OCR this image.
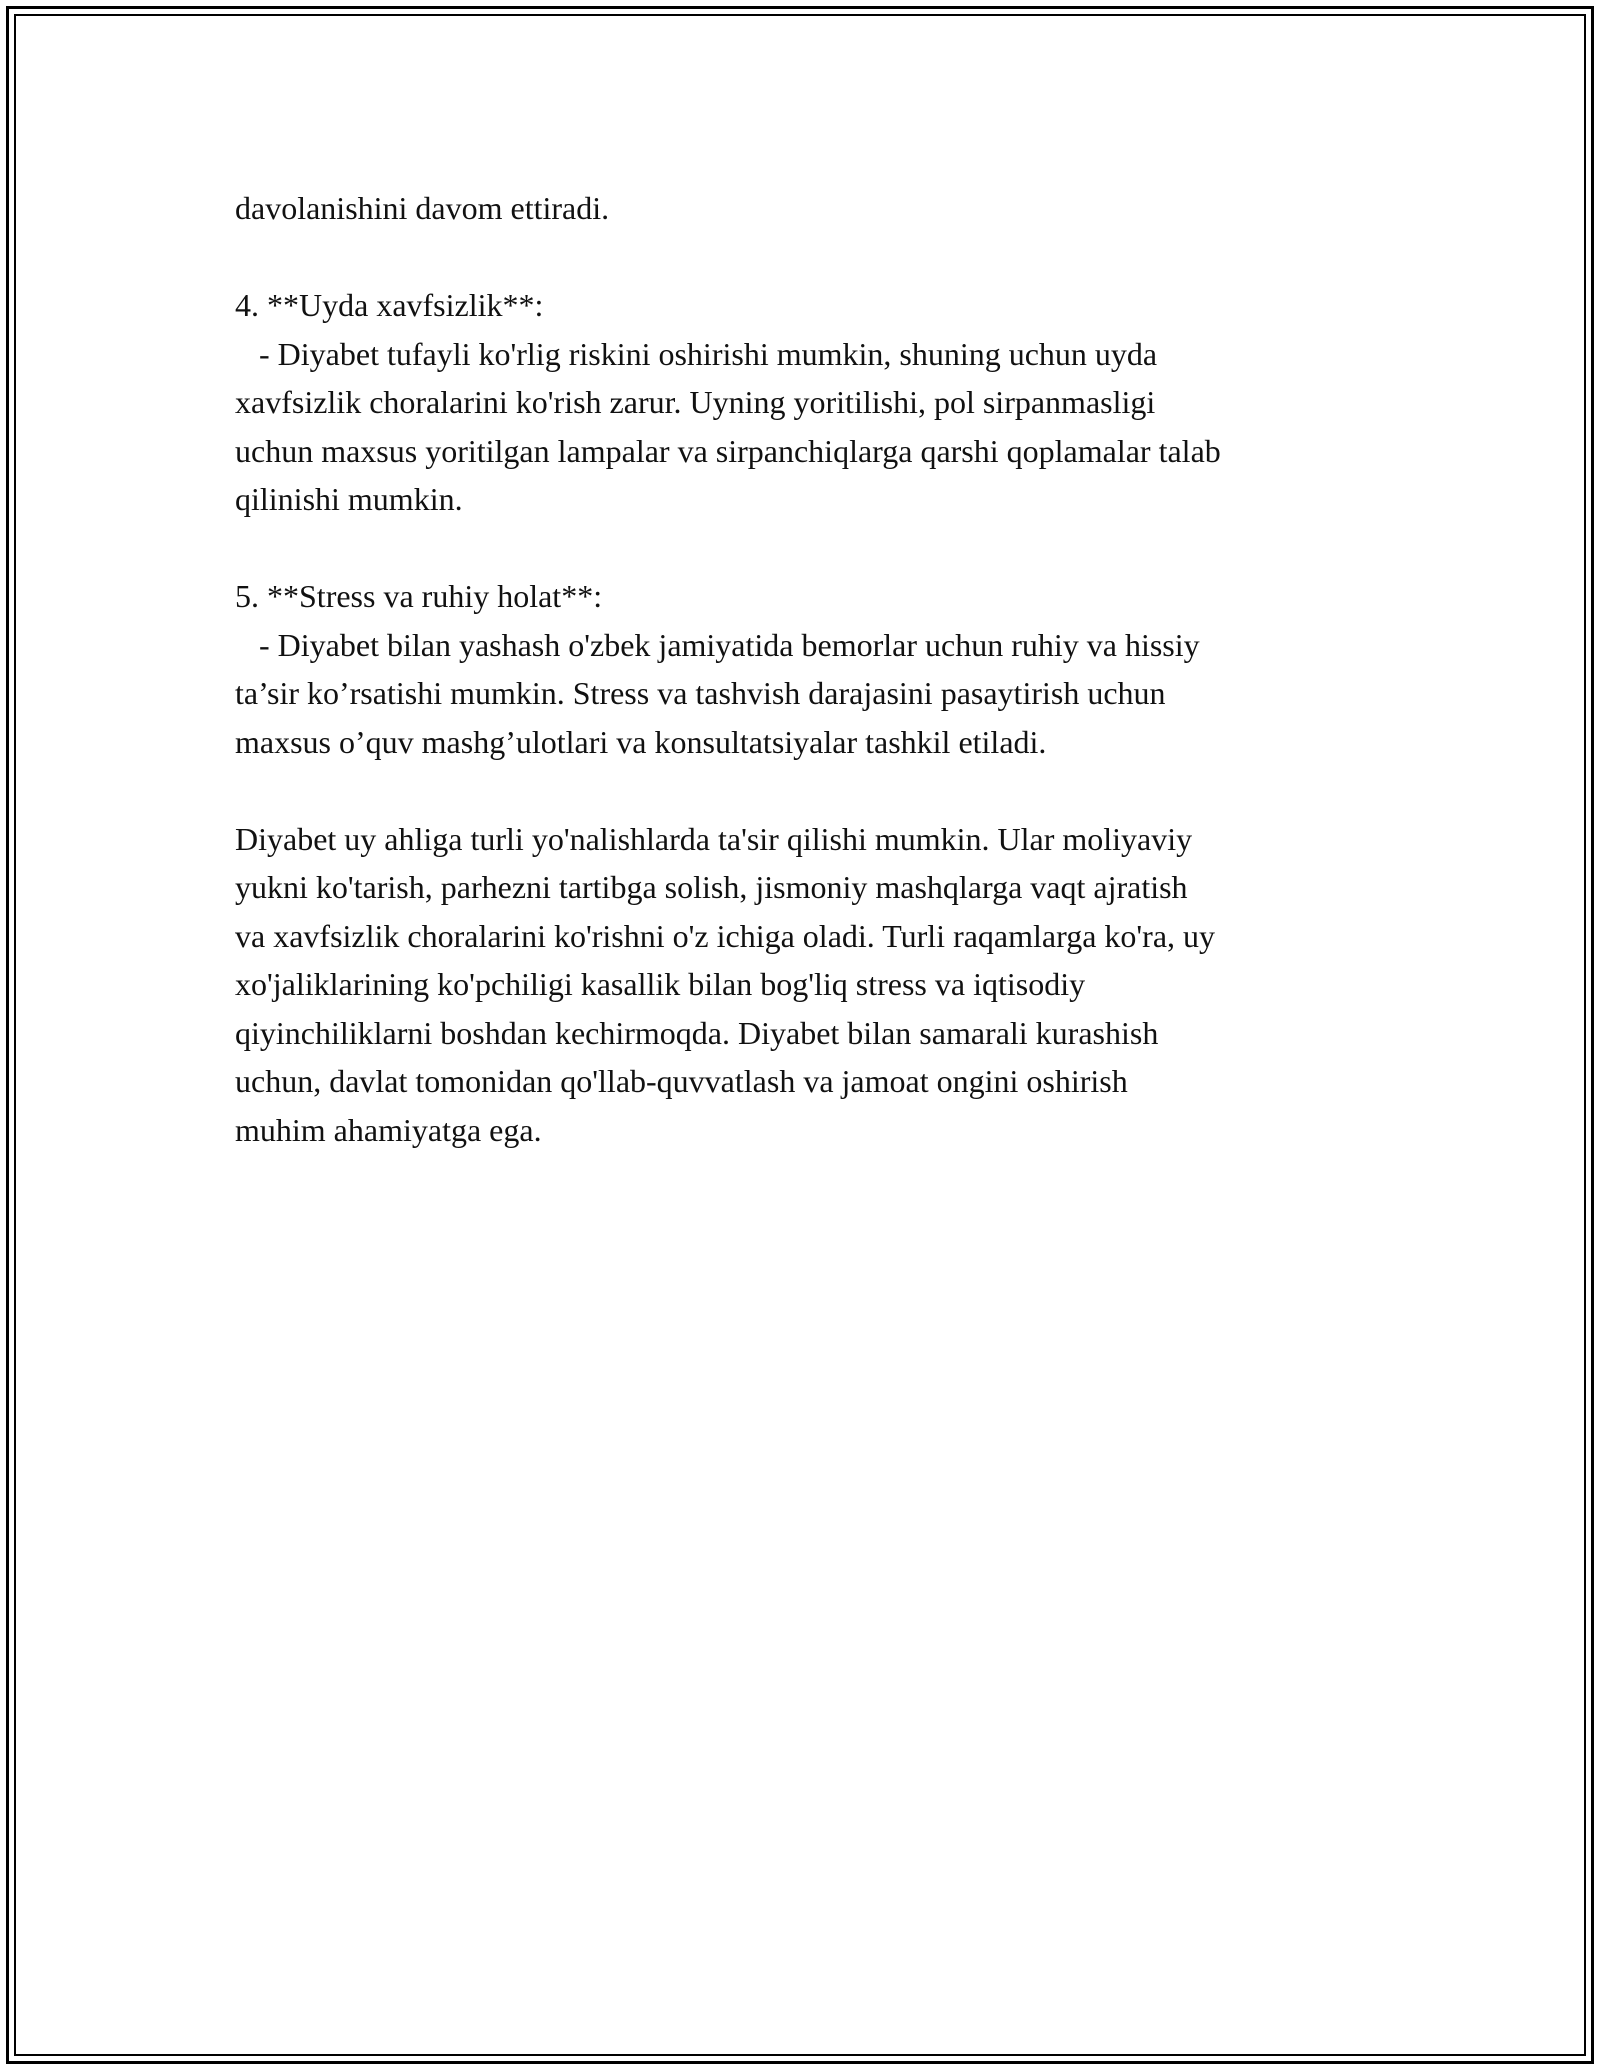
davolanishini davom ettiradi.

4. **Uyda xavfsizlik**:

- Diyabet tufayli ko'rlig riskini oshirishi mumkin, shuning uchun uyda

xavfsizlik choralarini ko'rish zarur. Uyning yoritilishi, pol sirpanmasligi

uchun maxsus yoritilgan lampalar va sirpanchiqlarga qarshi qoplamalar talab

qilinishi mumkin.

5. **Stress va ruhiy holat**:

- Diyabet bilan yashash o'zbek jamiyatida bemorlar uchun ruhiy va hissiy

ta’sir ko’rsatishi mumkin. Stress va tashvish darajasini pasaytirish uchun

maxsus o’quv mashg’ulotlari va konsultatsiyalar tashkil etiladi.

Diyabet uy ahliga turli yo'nalishlarda ta'sir qilishi mumkin. Ular moliyaviy

yukni ko'tarish, parhezni tartibga solish, jismoniy mashqlarga vaqt ajratish

va xavfsizlik choralarini ko'rishni o'z ichiga oladi. Turli raqamlarga ko'ra, uy

xo'jaliklarining ko'pchiligi kasallik bilan bog'liq stress va iqtisodiy

qiyinchiliklarni boshdan kechirmoqda. Diyabet bilan samarali kurashish

uchun, davlat tomonidan qo'llab-quvvatlash va jamoat ongini oshirish

muhim ahamiyatga ega.
